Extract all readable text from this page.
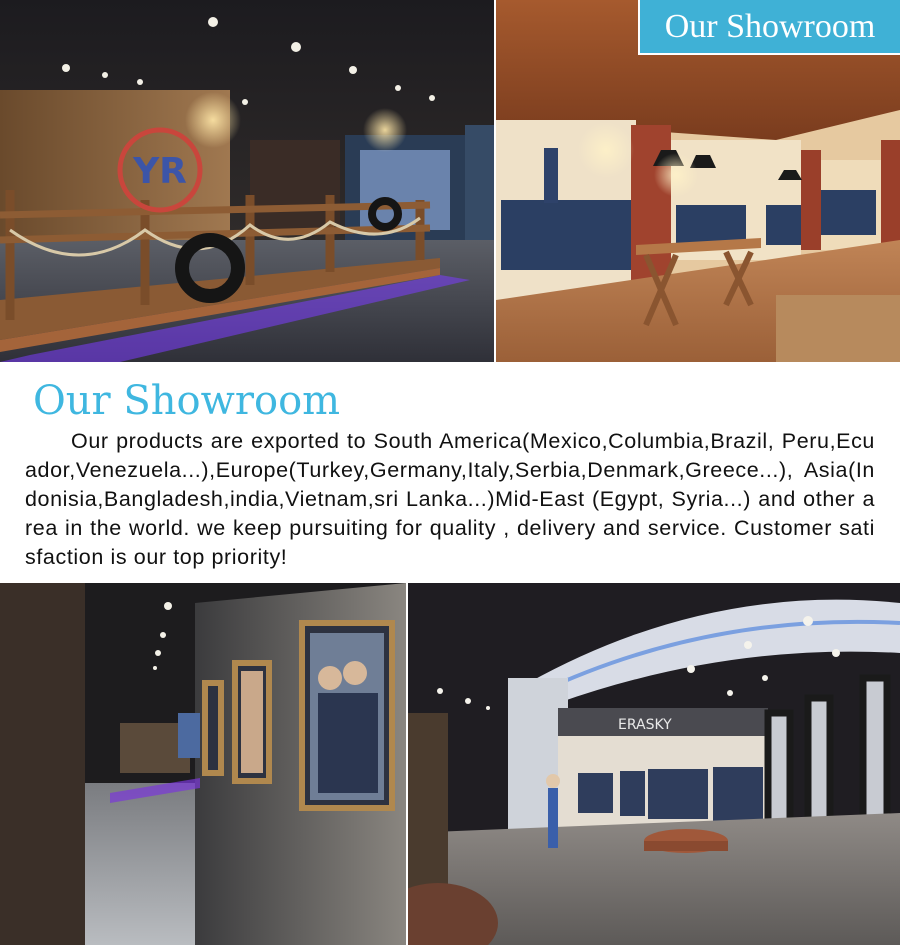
YR
Our Showroom
Our Showroom
Our products are exported to South America(Mexico,Columbia,Brazil, Peru,Ecuador,Venezuela...),Europe(Turkey,Germany,Italy,Serbia,Denmark,Greece...), Asia(Indonisia,Bangladesh,india,Vietnam,sri Lanka...)Mid-East (Egypt, Syria...) and other area in the world. we keep pursuiting for quality , delivery and service. Customer satisfaction is our top priority!
ERASKY
